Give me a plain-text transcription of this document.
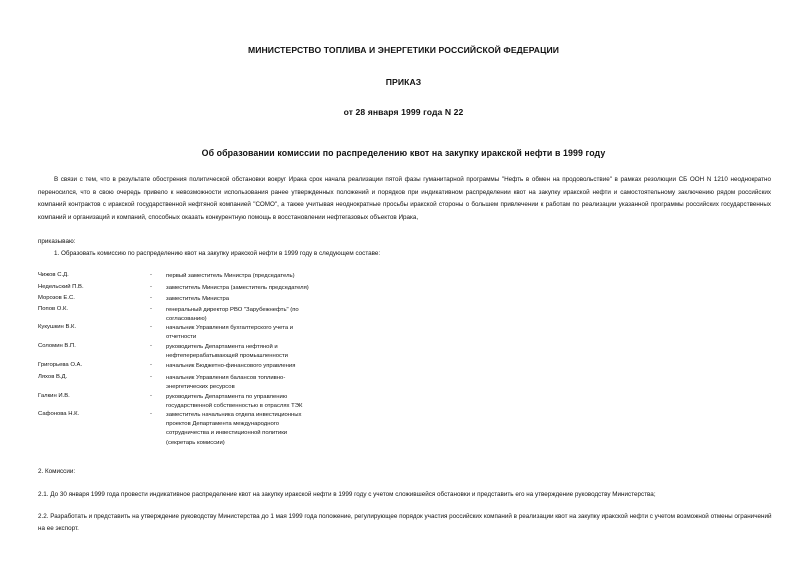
МИНИСТЕРСТВО ТОПЛИВА И ЭНЕРГЕТИКИ РОССИЙСКОЙ ФЕДЕРАЦИИ
ПРИКАЗ
от 28 января 1999 года N 22
Об образовании комиссии по распределению квот на закупку иракской нефти в 1999 году

В связи с тем, что в результате обострения политической обстановки вокруг Ирака срок начала реализации пятой фазы гуманитарной программы "Нефть в обмен на продовольствие" в рамках резолюции СБ ООН N 1210 неоднократно переносился, что в свою очередь привело к невозможности использования ранее утвержденных положений и порядков при индикативном распределении квот на закупку иракской нефти и самостоятельному заключению рядом российских компаний контрактов с иракской государственной нефтяной компанией "СОМО", а также учитывая неоднократные просьбы иракской стороны о большем привлечении к работам по реализации указанной программы российских государственных компаний и организаций и компаний, способных оказать конкурентную помощь в восстановлении нефтегазовых объектов Ирака,

приказываю:

1. Образовать комиссию по распределению квот на закупку иракской нефти в 1999 году в следующем составе:

Чижов С.Д.	- первый заместитель Министра (председатель)
Недельский П.В.	- заместитель Министра (заместитель председателя)
Морозов Е.С.	- заместитель Министра
Попов О.К.	- генеральный директор РВО "Зарубежнефть" (по
согласованию)
Кукушкин В.К.	- начальник Управления бухгалтерского учета и
отчетности
Соломин В.П.	- руководитель Департамента нефтяной и
нефтеперерабатывающей промышленности
Григорьева О.А.	- начальник Бюджетно-финансового управления
Ляхов В.Д.	- начальник Управления балансов топливно-
энергетических ресурсов
Галкин И.В.	- руководитель Департамента по управлению
государственной собственностью в отраслях ТЭК
Сафонова Н.К.	- заместитель начальника отдела инвестиционных
проектов Департамента международного
сотрудничества и инвестиционной политики
(секретарь комиссии)

2. Комиссии:

2.1. До 30 января 1999 года провести индикативное распределение квот на закупку иракской нефти в 1999 году с учетом сложившейся обстановки и представить его на утверждение руководству Министерства;

2.2. Разработать и представить на утверждение руководству Министерства до 1 мая 1999 года положение, регулирующее порядок участия российских компаний в реализации квот на закупку иракской нефти с учетом возможной отмены ограничений на ее экспорт.
